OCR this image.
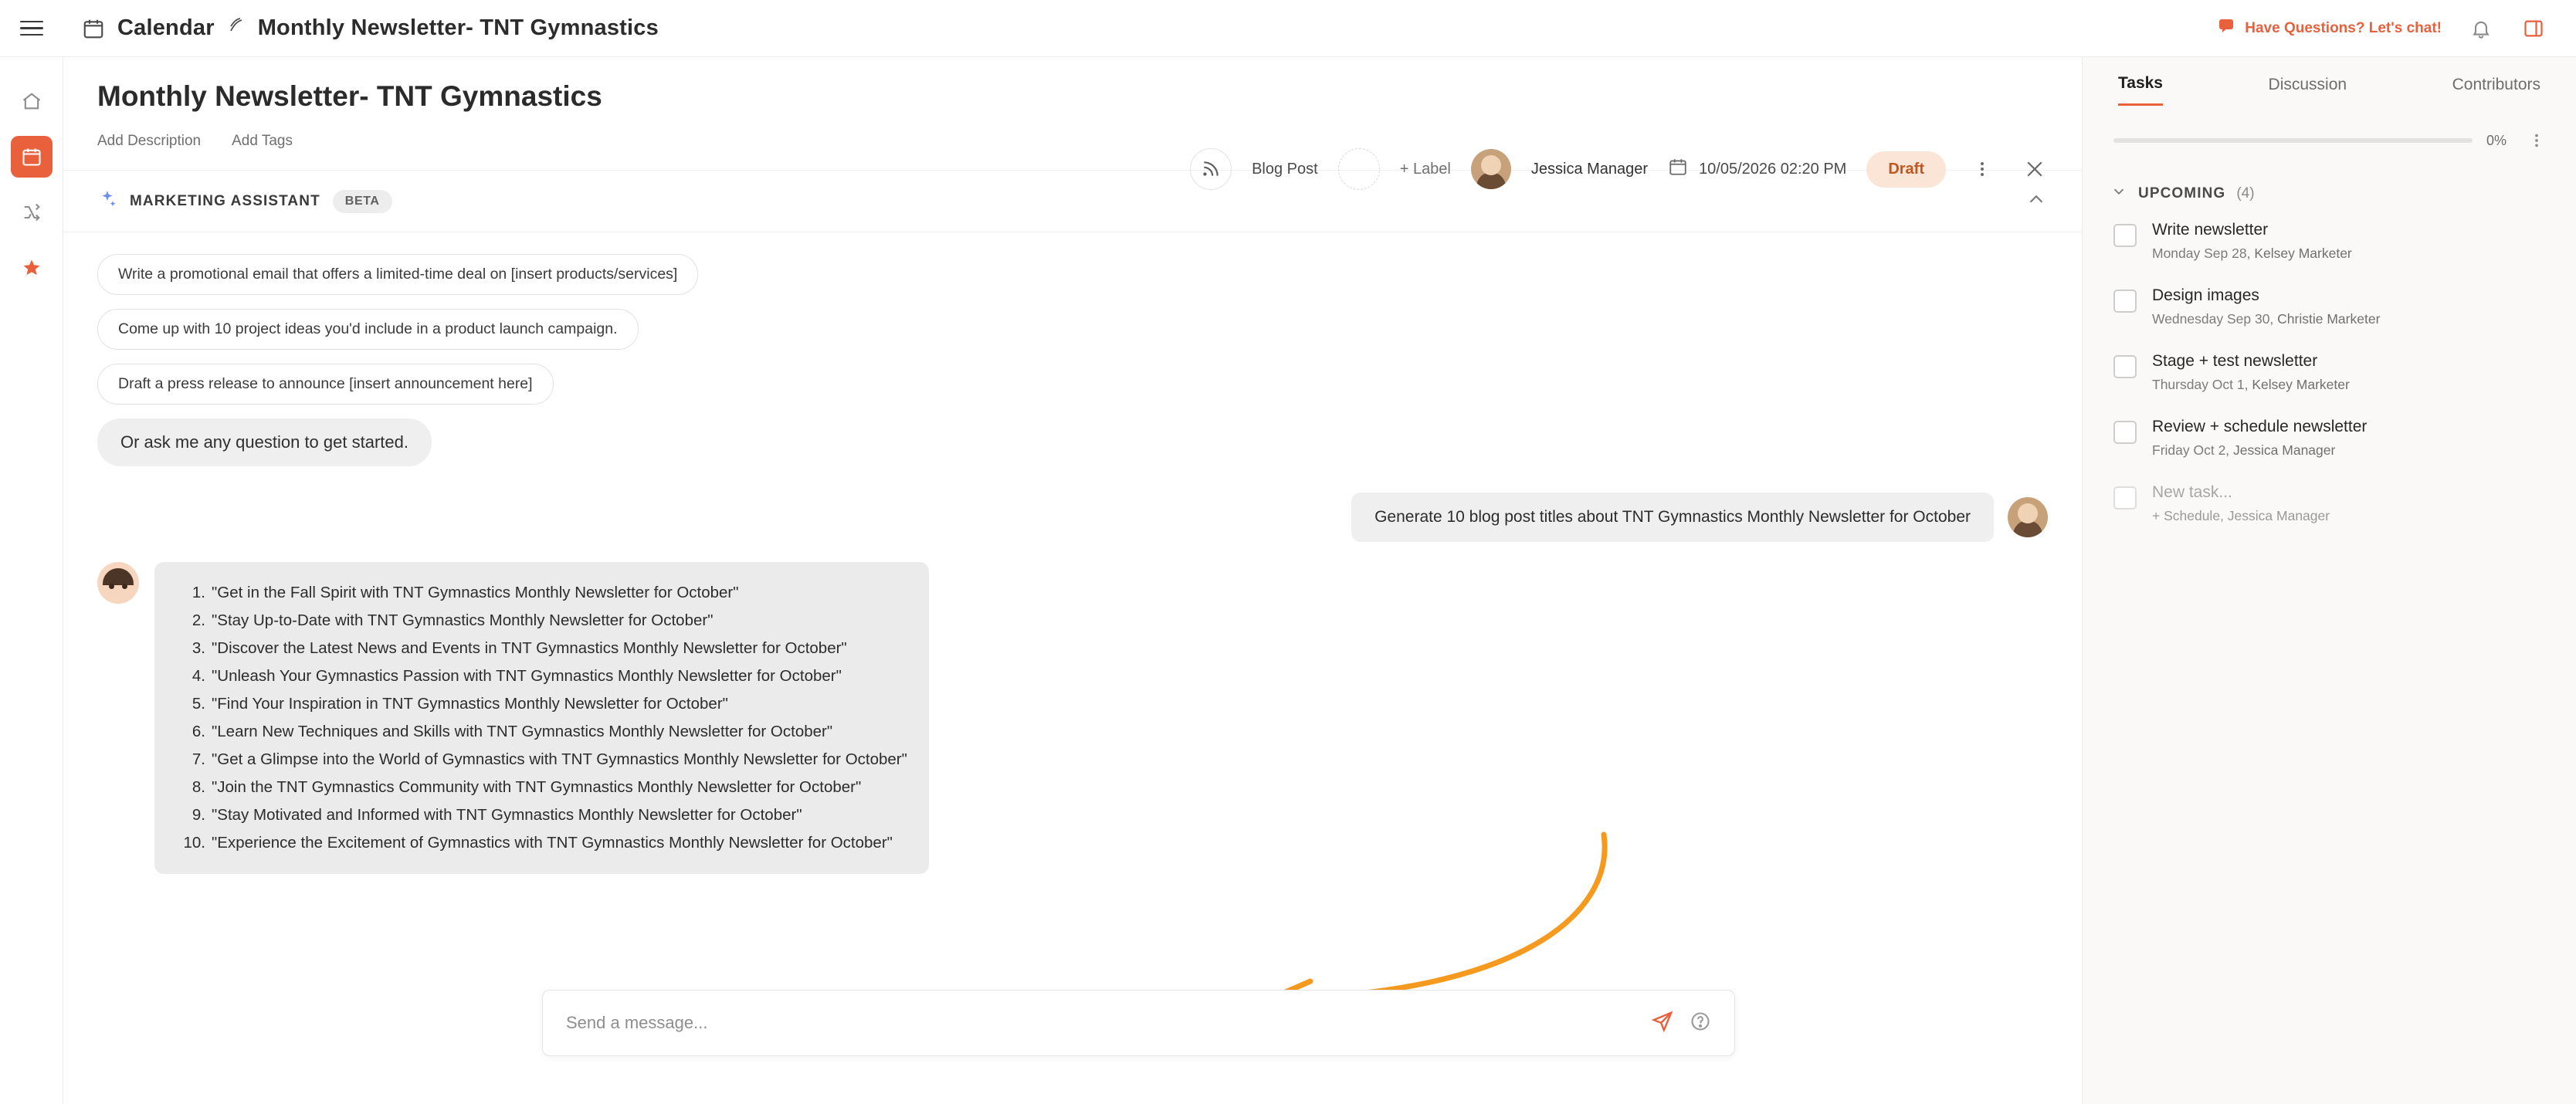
Calendar Monthly Newsletter- TNT Gymnastics	Have Questions? Let's chat!
Monthly Newsletter- TNT Gymnastics
Add Description Add Tags
Blog Post	+ Label	Jessica Manager	10/05/2026 02:20 PM	Draft
MARKETING ASSISTANT	BETA
Write a promotional email that offers a limited-time deal on [insert products/services]
Come up with 10 project ideas you'd include in a product launch campaign.
Draft a press release to announce [insert announcement here]
Or ask me any question to get started.
Generate 10 blog post titles about TNT Gymnastics Monthly Newsletter for October
"Get in the Fall Spirit with TNT Gymnastics Monthly Newsletter for October"
"Stay Up-to-Date with TNT Gymnastics Monthly Newsletter for October"
"Discover the Latest News and Events in TNT Gymnastics Monthly Newsletter for October"
"Unleash Your Gymnastics Passion with TNT Gymnastics Monthly Newsletter for October"
"Find Your Inspiration in TNT Gymnastics Monthly Newsletter for October"
"Learn New Techniques and Skills with TNT Gymnastics Monthly Newsletter for October"
"Get a Glimpse into the World of Gymnastics with TNT Gymnastics Monthly Newsletter for October"
"Join the TNT Gymnastics Community with TNT Gymnastics Monthly Newsletter for October"
"Stay Motivated and Informed with TNT Gymnastics Monthly Newsletter for October"
"Experience the Excitement of Gymnastics with TNT Gymnastics Monthly Newsletter for October"
Send a message...
Tasks	Discussion	Contributors
0%
UPCOMING (4)
Write newsletter
Monday Sep 28, Kelsey Marketer
Design images
Wednesday Sep 30, Christie Marketer
Stage + test newsletter
Thursday Oct 1, Kelsey Marketer
Review + schedule newsletter
Friday Oct 2, Jessica Manager
New task...
+ Schedule, Jessica Manager
